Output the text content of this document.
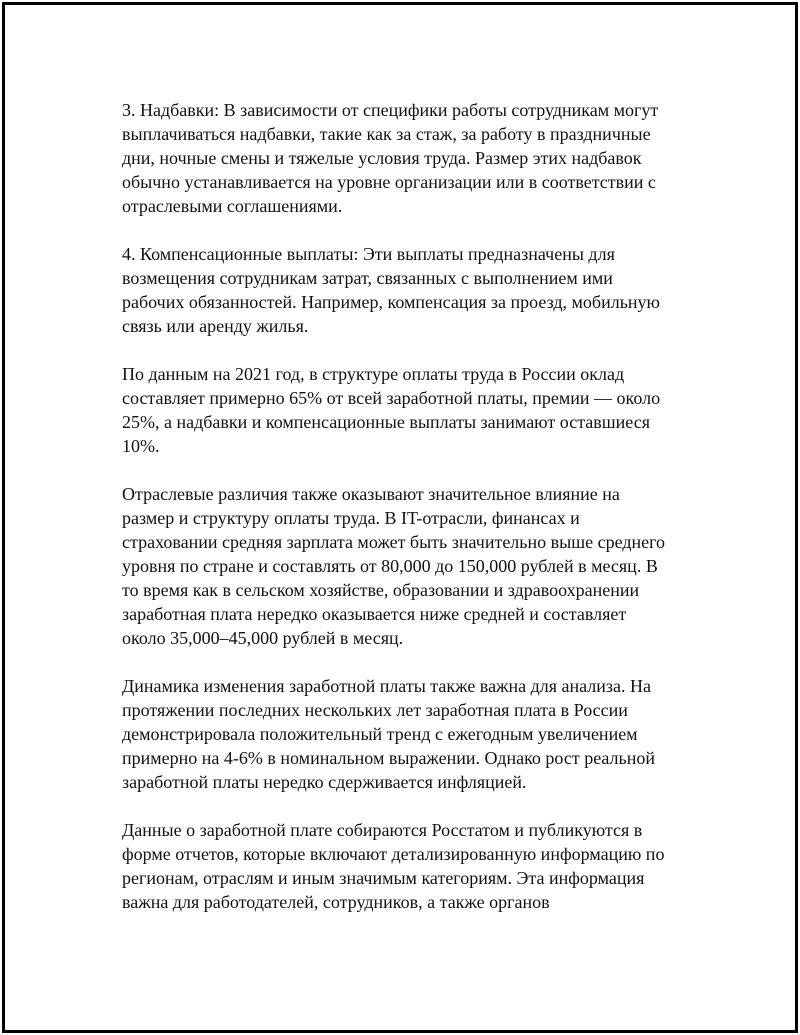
3. Надбавки: В зависимости от специфики работы сотрудникам могут
выплачиваться надбавки, такие как за стаж, за работу в праздничные
дни, ночные смены и тяжелые условия труда. Размер этих надбавок
обычно устанавливается на уровне организации или в соответствии с
отраслевыми соглашениями.

4. Компенсационные выплаты: Эти выплаты предназначены для
возмещения сотрудникам затрат, связанных с выполнением ими
рабочих обязанностей. Например, компенсация за проезд, мобильную
связь или аренду жилья.

По данным на 2021 год, в структуре оплаты труда в России оклад
составляет примерно 65% от всей заработной платы, премии — около
25%, а надбавки и компенсационные выплаты занимают оставшиеся
10%.

Отраслевые различия также оказывают значительное влияние на
размер и структуру оплаты труда. В IT-отрасли, финансах и
страховании средняя зарплата может быть значительно выше среднего
уровня по стране и составлять от 80,000 до 150,000 рублей в месяц. В
то время как в сельском хозяйстве, образовании и здравоохранении
заработная плата нередко оказывается ниже средней и составляет
около 35,000–45,000 рублей в месяц.

Динамика изменения заработной платы также важна для анализа. На
протяжении последних нескольких лет заработная плата в России
демонстрировала положительный тренд с ежегодным увеличением
примерно на 4-6% в номинальном выражении. Однако рост реальной
заработной платы нередко сдерживается инфляцией.

Данные о заработной плате собираются Росстатом и публикуются в
форме отчетов, которые включают детализированную информацию по
регионам, отраслям и иным значимым категориям. Эта информация
важна для работодателей, сотрудников, а также органов
